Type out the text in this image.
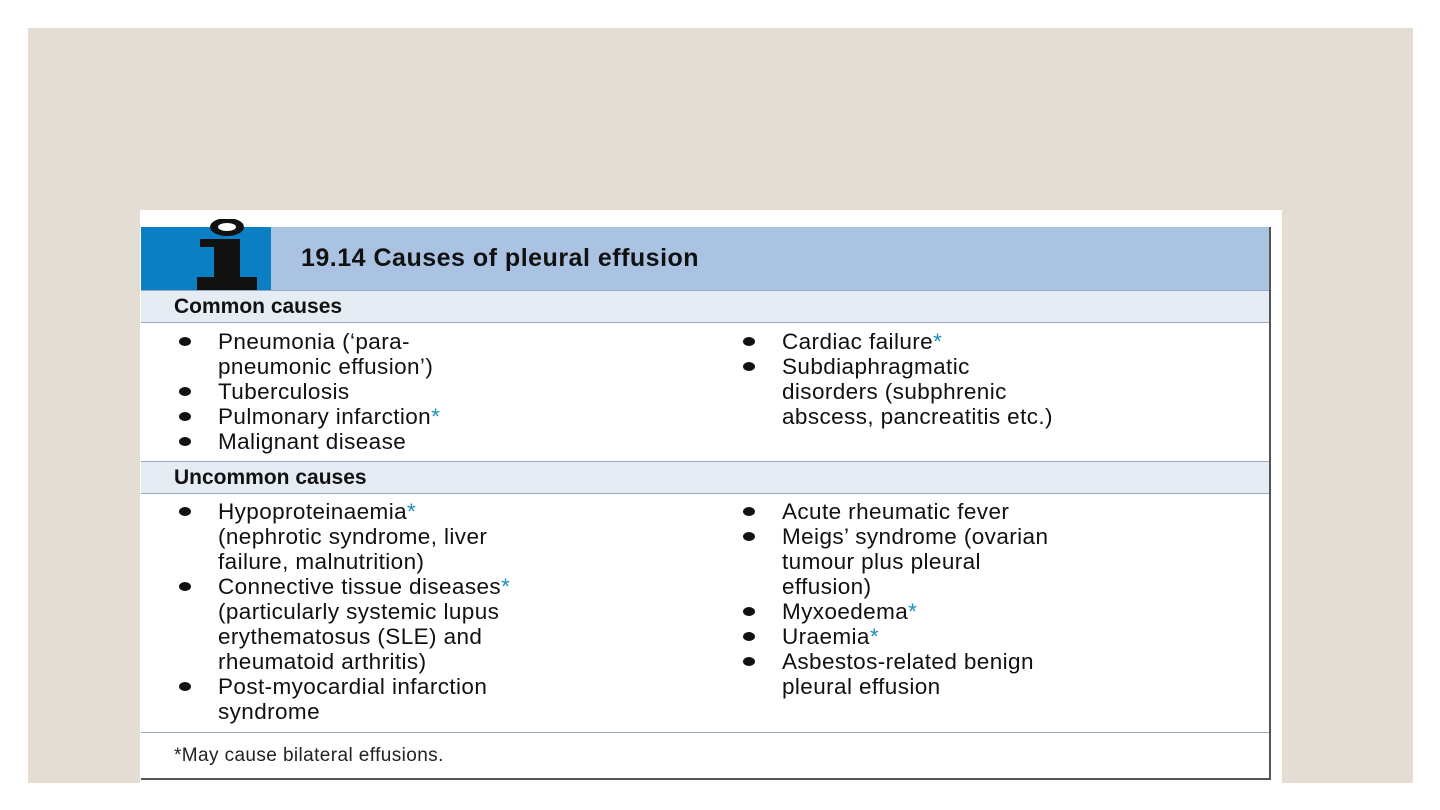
19.14 Causes of pleural effusion
Common causes
Pneumonia (‘para-
pneumonic effusion’)
Tuberculosis
Pulmonary infarction*
Malignant disease
Cardiac failure*
Subdiaphragmatic
disorders (subphrenic
abscess, pancreatitis etc.)
Uncommon causes
Hypoproteinaemia*
(nephrotic syndrome, liver
failure, malnutrition)
Connective tissue diseases*
(particularly systemic lupus
erythematosus (SLE) and
rheumatoid arthritis)
Post-myocardial infarction
syndrome
Acute rheumatic fever
Meigs’ syndrome (ovarian
tumour plus pleural
effusion)
Myxoedema*
Uraemia*
Asbestos-related benign
pleural effusion
*May cause bilateral effusions.
